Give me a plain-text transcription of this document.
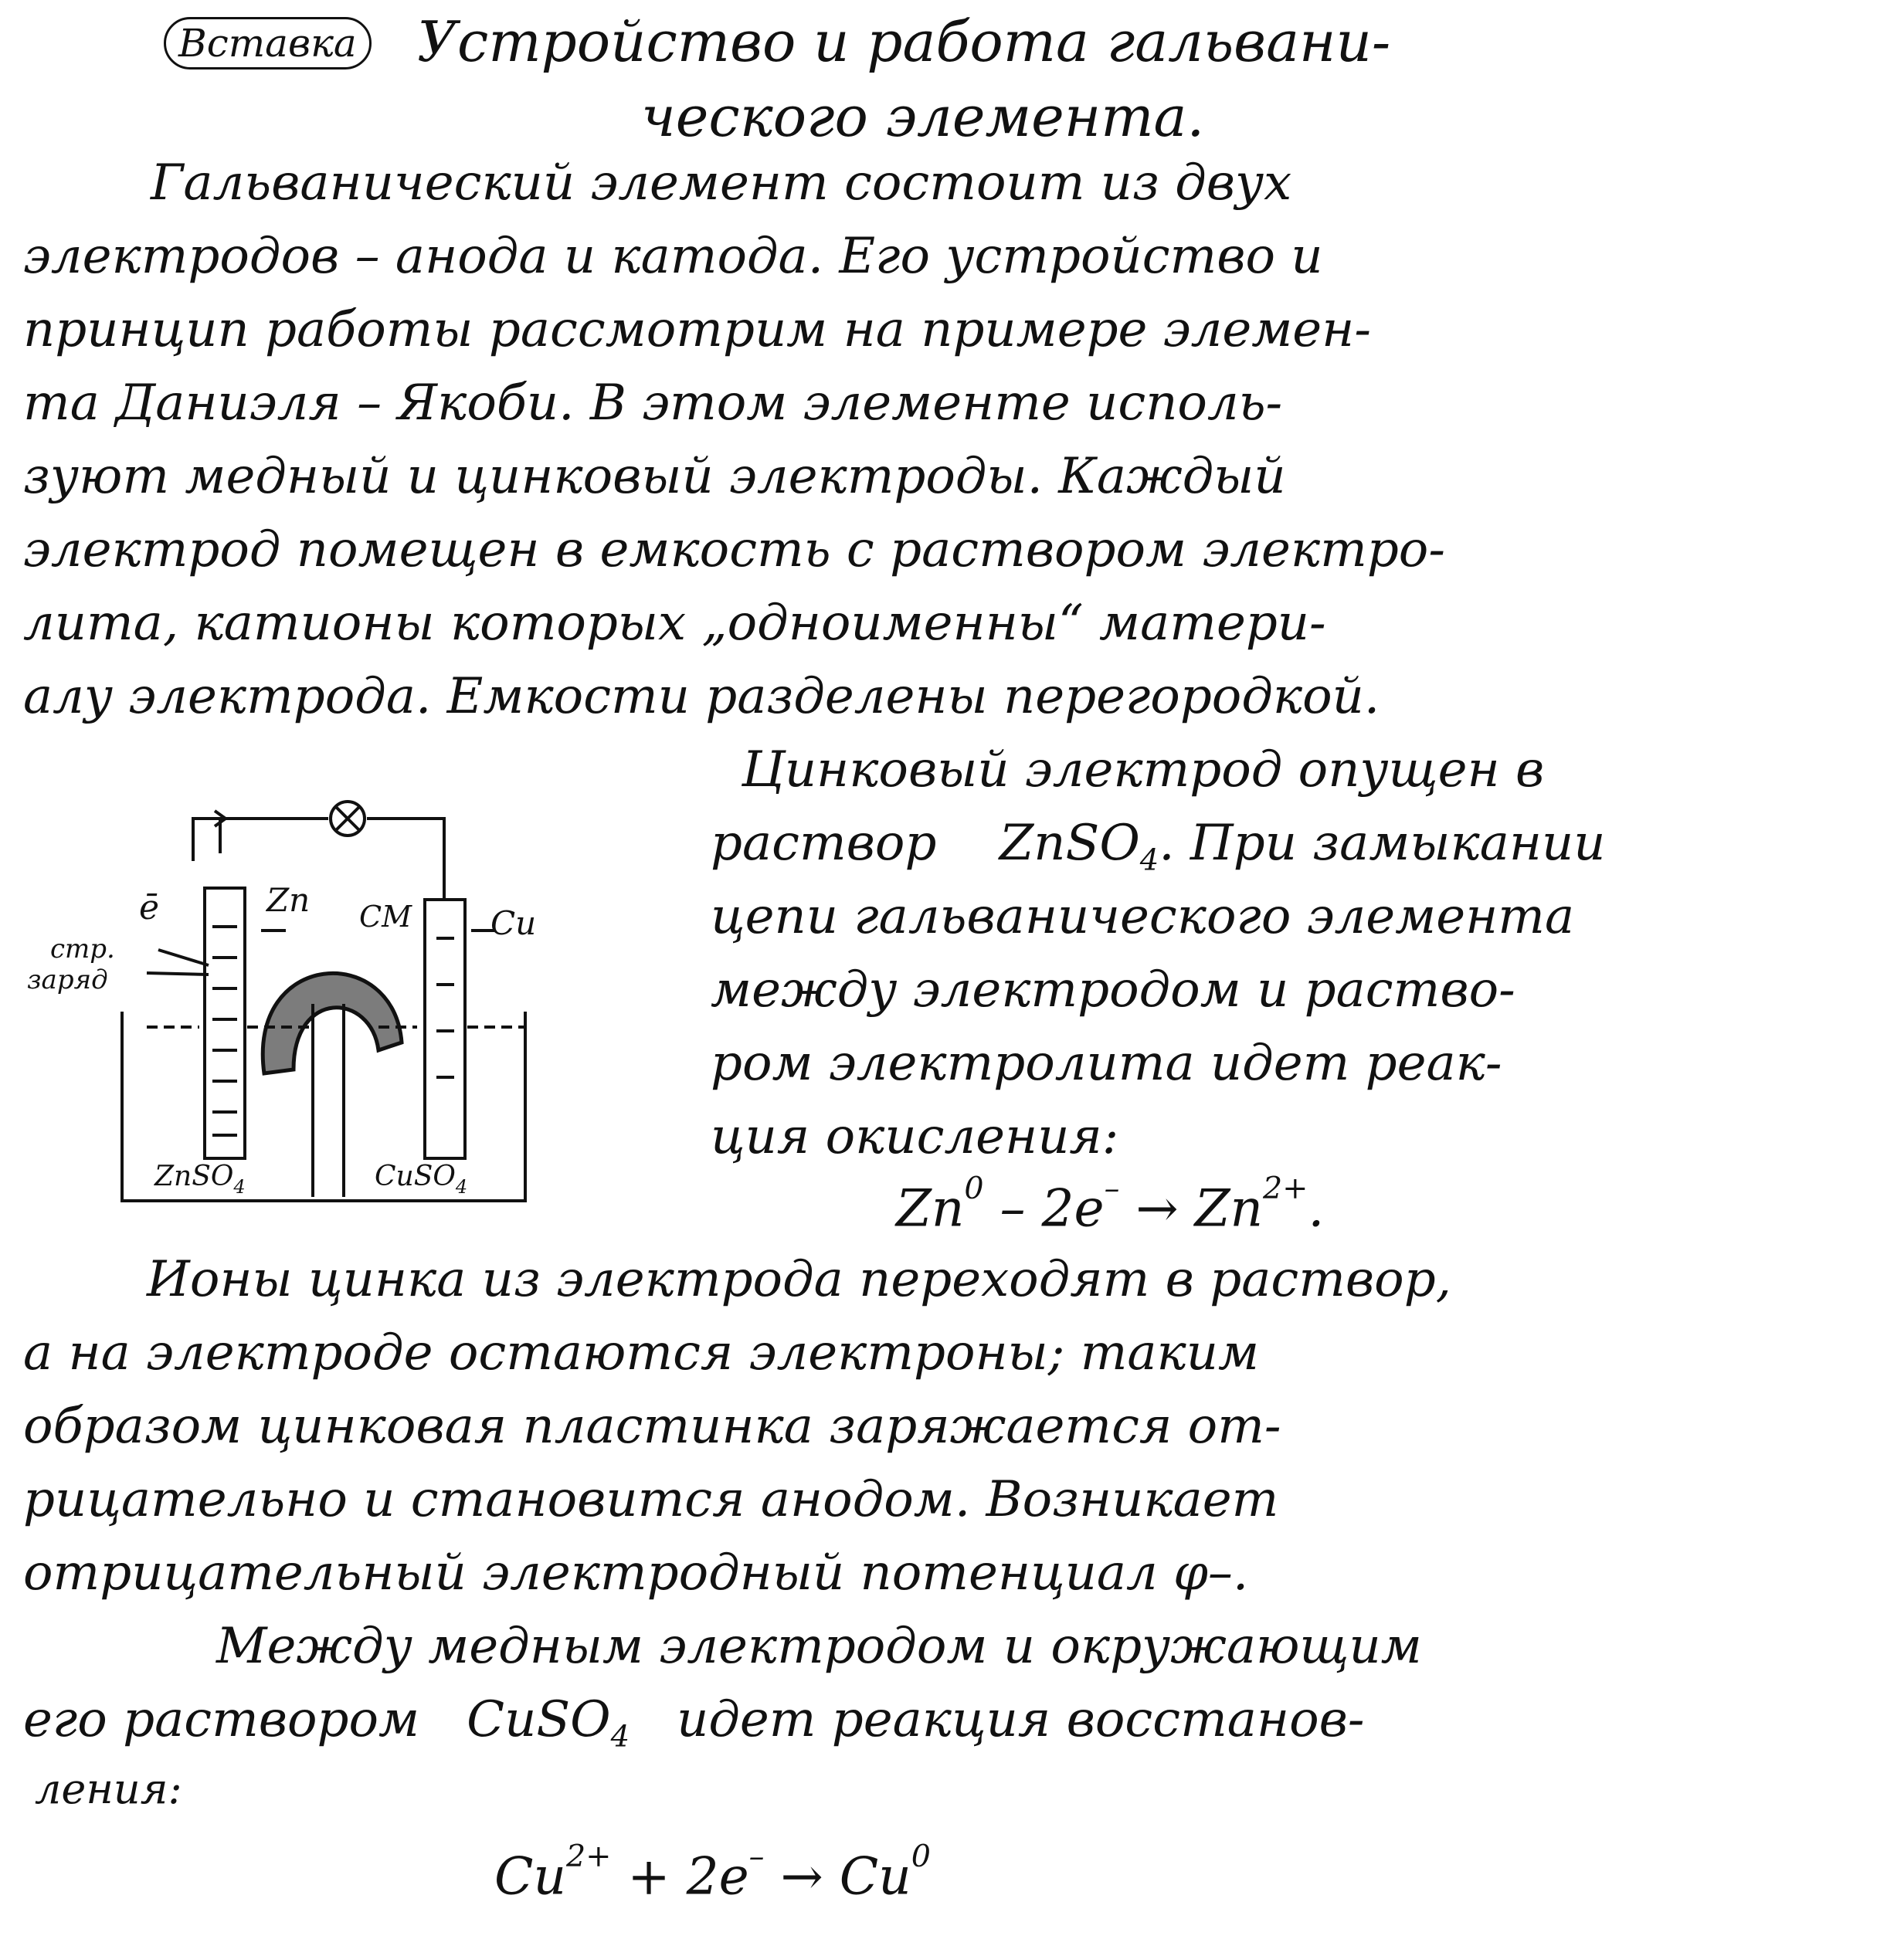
Вставка Устройство и работа гальвани-
ческого элемента.
Гальванический элемент состоит из двух
электродов – анода и катода. Его устройство и
принцип работы рассмотрим на примере элемен-
та Даниэля – Якоби. В этом элементе исполь-
зуют медный и цинковый электроды. Каждый
электрод помещен в емкость с раствором электро-
лита, катионы которых „одноименны“ матери-
алу электрода. Емкости разделены перегородкой.
Цинковый электрод опущен в
раствор ZnSO$_4$. При замыкании
цепи гальванического элемента
между электродом и раство-
ром электролита идет реак-
ция окисления:
$Zn^0 - 2e^- \to Zn^{2+}$.
ē	Zn CM Cu
стр.
заряд
ZnSO$_4$	CuSO$_4$
Ионы цинка из электрода переходят в раствор,
а на электроде остаются электроны; таким
образом цинковая пластинка заряжается от-
рицательно и становится анодом. Возникает
отрицательный электродный потенциал φ–.
Между медным электродом и окружающим
его раствором CuSO$_4$ идет реакция восстанов-
ления:
$Cu^{2+} + 2e^- \to Cu^0$
